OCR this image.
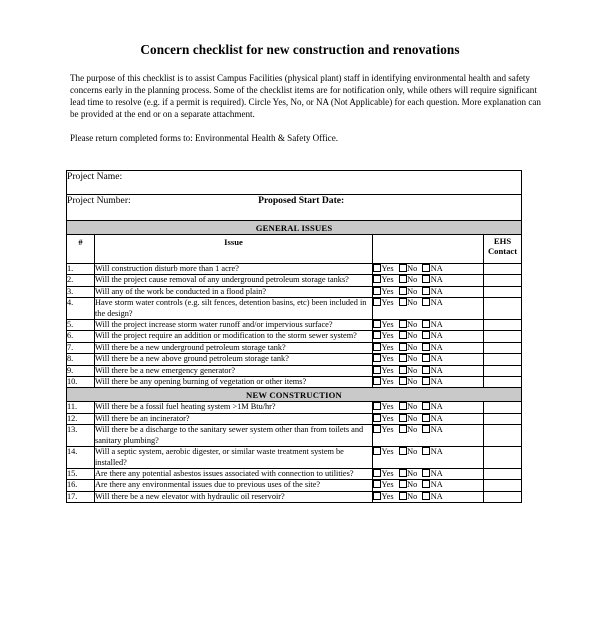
Concern checklist for new construction and renovations

The purpose of this checklist is to assist Campus Facilities (physical plant) staff in identifying environmental health and safety concerns early in the planning process. Some of the checklist items are for notification only, while others will require significant lead time to resolve (e.g. if a permit is required). Circle Yes, No, or NA (Not Applicable) for each question. More explanation can be provided at the end or on a separate attachment.

Please return completed forms to: Environmental Health & Safety Office.

Project Name:			
Project Number: Proposed Start Date:			
GENERAL ISSUES			
#	Issue		EHS
Contact
1.	Will construction disturb more than 1 acre?	Yes No NA	
2.	Will the project cause removal of any underground petroleum storage tanks?	Yes No NA	
3.	Will any of the work be conducted in a flood plain?	Yes No NA	
4.	Have storm water controls (e.g. silt fences, detention basins, etc) been included in the design?	Yes No NA	
5.	Will the project increase storm water runoff and/or impervious surface?	Yes No NA	
6.	Will the project require an addition or modification to the storm sewer system?	Yes No NA	
7.	Will there be a new underground petroleum storage tank?	Yes No NA	
8.	Will there be a new above ground petroleum storage tank?	Yes No NA	
9.	Will there be a new emergency generator?	Yes No NA	
10.	Will there be any opening burning of vegetation or other items?	Yes No NA	
NEW CONSTRUCTION			
11.	Will there be a fossil fuel heating system >1M Btu/hr?	Yes No NA	
12.	Will there be an incinerator?	Yes No NA	
13.	Will there be a discharge to the sanitary sewer system other than from toilets and sanitary plumbing?	Yes No NA	
14.	Will a septic system, aerobic digester, or similar waste treatment system be installed?	Yes No NA	
15.	Are there any potential asbestos issues associated with connection to utilities?	Yes No NA	
16.	Are there any environmental issues due to previous uses of the site?	Yes No NA	
17.	Will there be a new elevator with hydraulic oil reservoir?	Yes No NA	
